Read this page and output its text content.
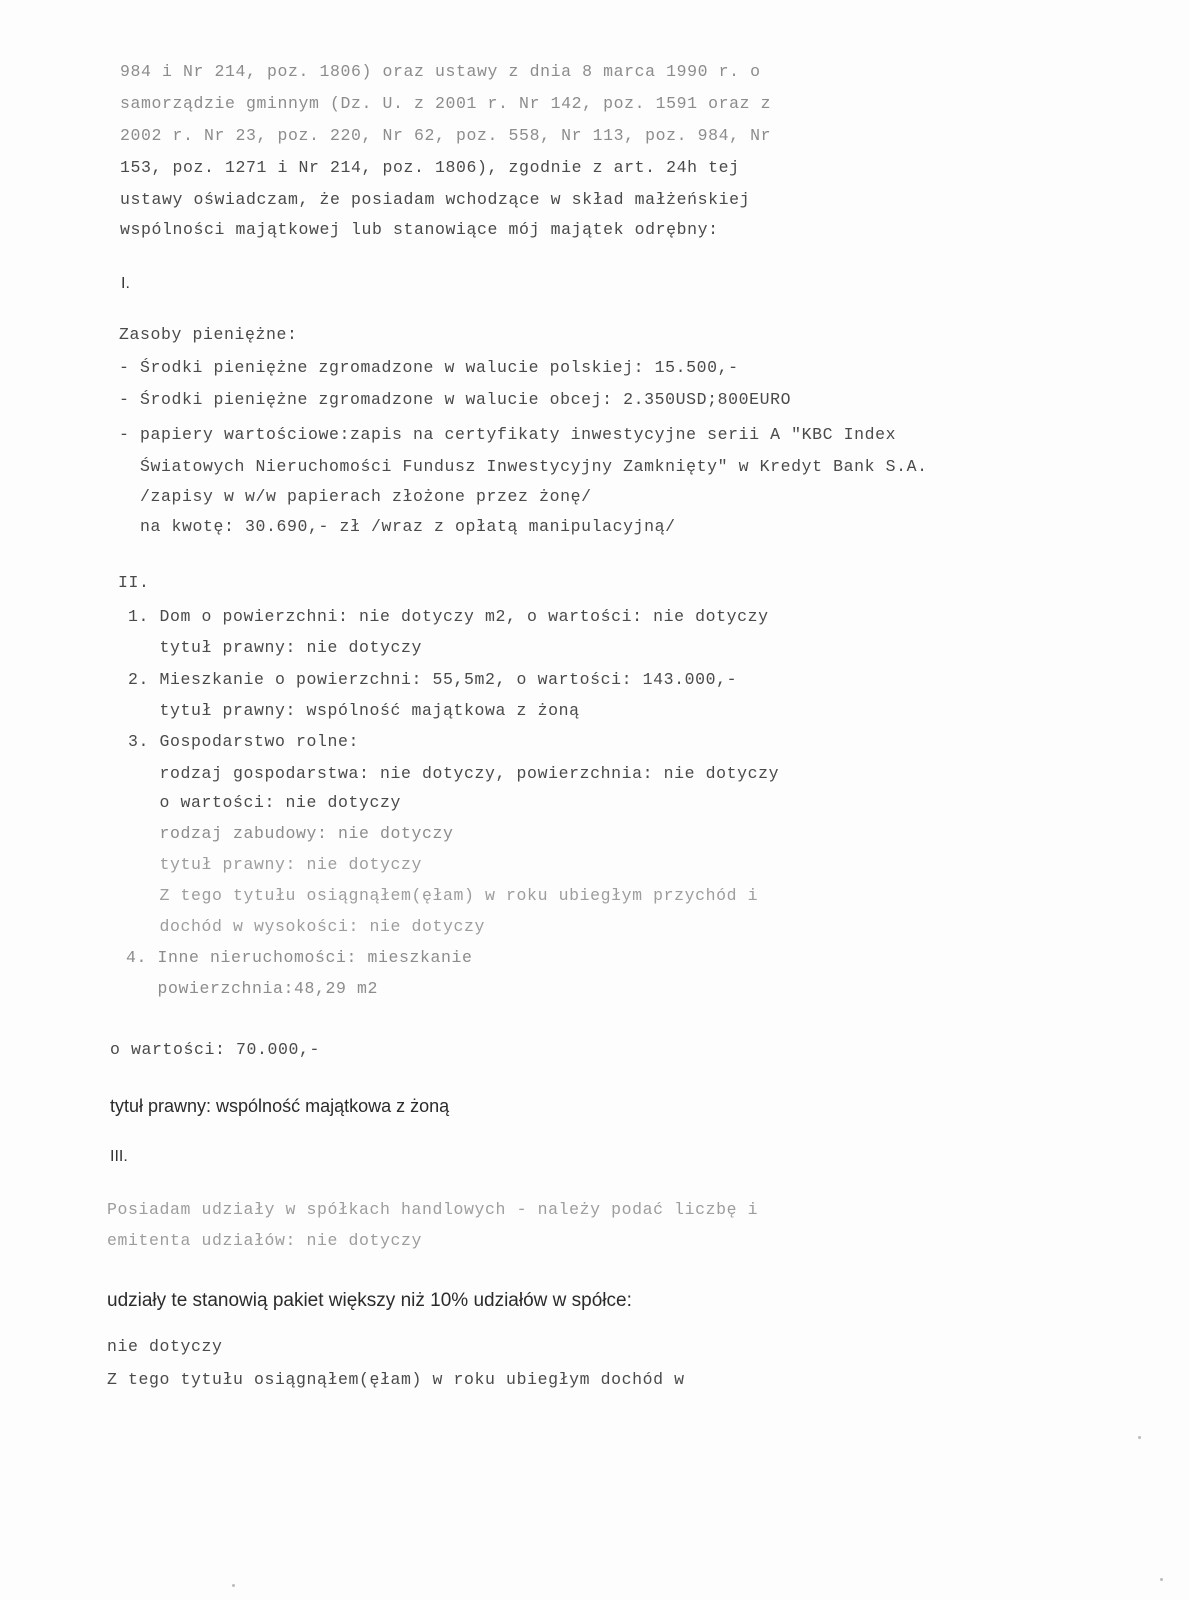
984 i Nr 214, poz. 1806) oraz ustawy z dnia 8 marca 1990 r. o
samorządzie gminnym (Dz. U. z 2001 r. Nr 142, poz. 1591 oraz z
2002 r. Nr 23, poz. 220, Nr 62, poz. 558, Nr 113, poz. 984, Nr
153, poz. 1271 i Nr 214, poz. 1806), zgodnie z art. 24h tej
ustawy oświadczam, że posiadam wchodzące w skład małżeńskiej
wspólności majątkowej lub stanowiące mój majątek odrębny:
I.
Zasoby pieniężne:
- Środki pieniężne zgromadzone w walucie polskiej: 15.500,-
- Środki pieniężne zgromadzone w walucie obcej: 2.350USD;800EURO
- papiery wartościowe:zapis na certyfikaty inwestycyjne serii A "KBC Index
Światowych Nieruchomości Fundusz Inwestycyjny Zamknięty" w Kredyt Bank S.A.
/zapisy w w/w papierach złożone przez żonę/
na kwotę: 30.690,- zł /wraz z opłatą manipulacyjną/
II.
1. Dom o powierzchni: nie dotyczy m2, o wartości: nie dotyczy
tytuł prawny: nie dotyczy
2. Mieszkanie o powierzchni: 55,5m2, o wartości: 143.000,-
tytuł prawny: wspólność majątkowa z żoną
3. Gospodarstwo rolne:
rodzaj gospodarstwa: nie dotyczy, powierzchnia: nie dotyczy
o wartości: nie dotyczy
rodzaj zabudowy: nie dotyczy
tytuł prawny: nie dotyczy
Z tego tytułu osiągnąłem(ęłam) w roku ubiegłym przychód i
dochód w wysokości: nie dotyczy
4. Inne nieruchomości: mieszkanie
powierzchnia:48,29 m2
o wartości: 70.000,-
tytuł prawny: wspólność majątkowa z żoną
III.
Posiadam udziały w spółkach handlowych - należy podać liczbę i
emitenta udziałów: nie dotyczy
udziały te stanowią pakiet większy niż 10% udziałów w spółce:
nie dotyczy
Z tego tytułu osiągnąłem(ęłam) w roku ubiegłym dochód w
